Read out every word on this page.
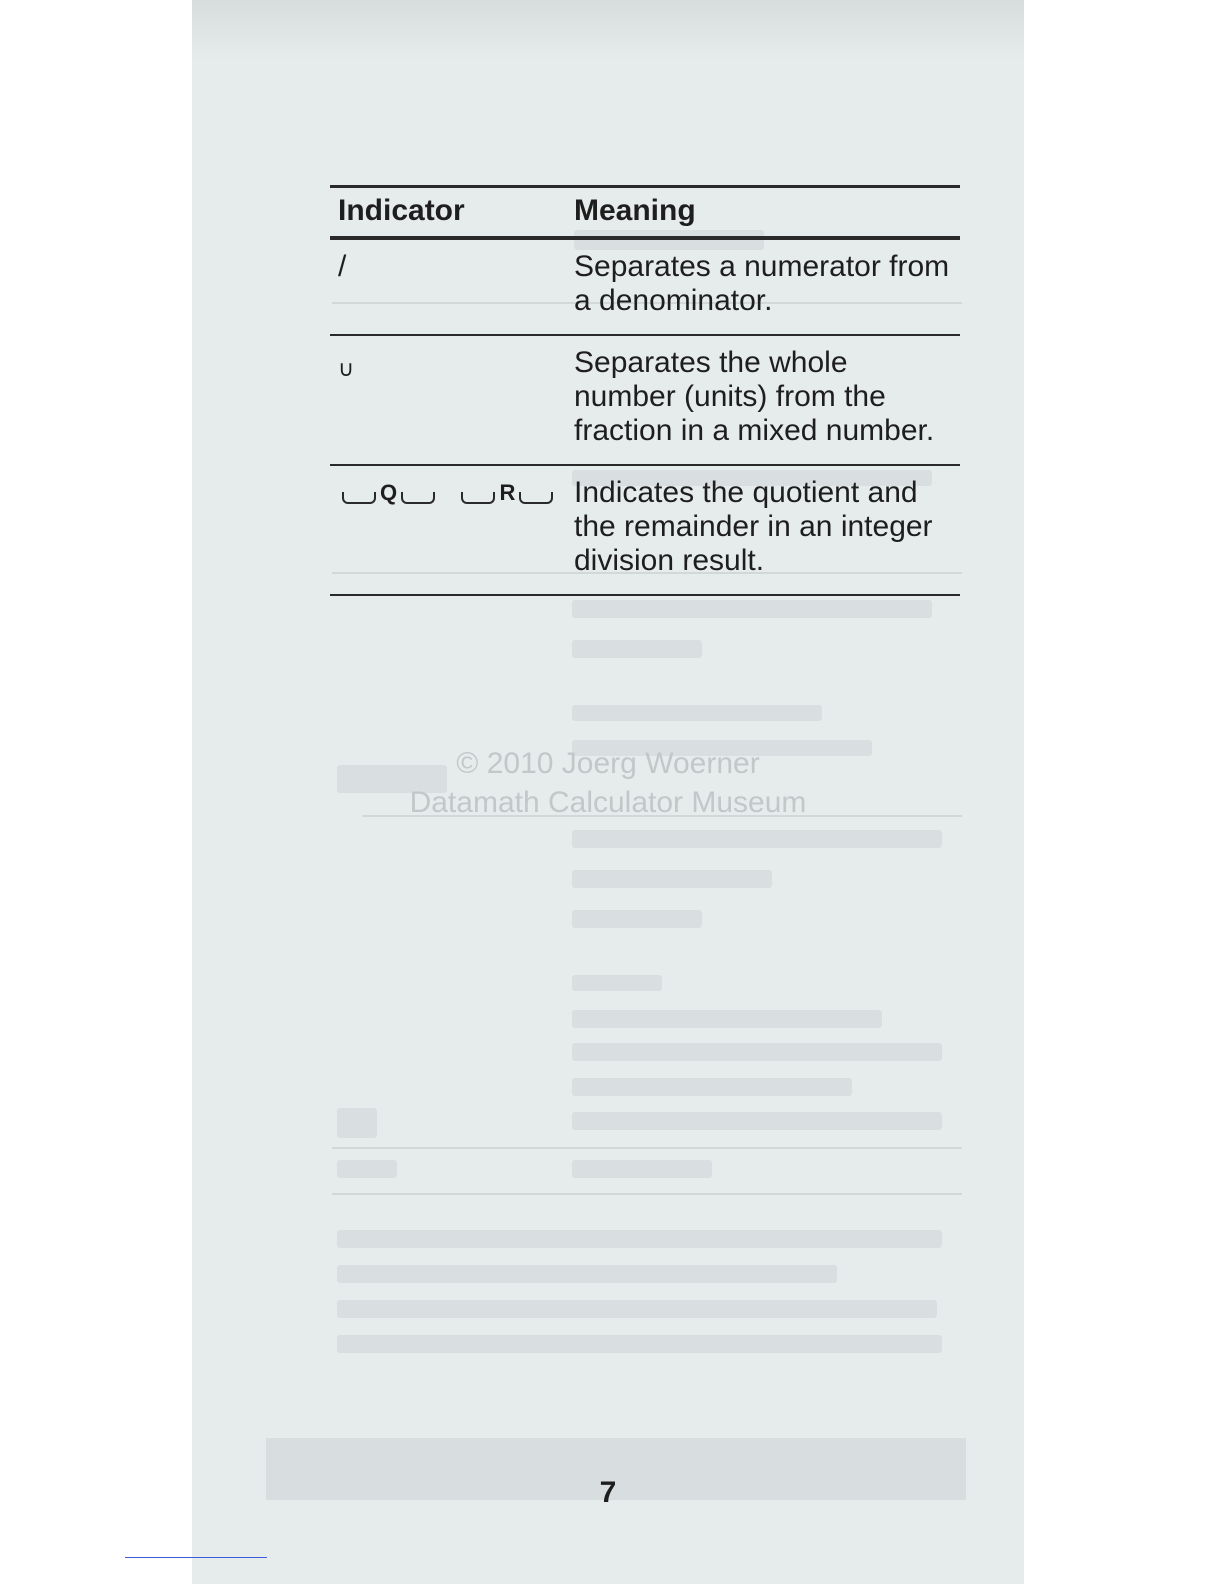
Indicator	Meaning
/	Separates a numerator from a denominator.
∪	Separates the whole number (units) from the fraction in a mixed number.
Q R	Indicates the quotient and the remainder in an integer division result.
© 2010 Joerg Woerner
Datamath Calculator Museum
7
